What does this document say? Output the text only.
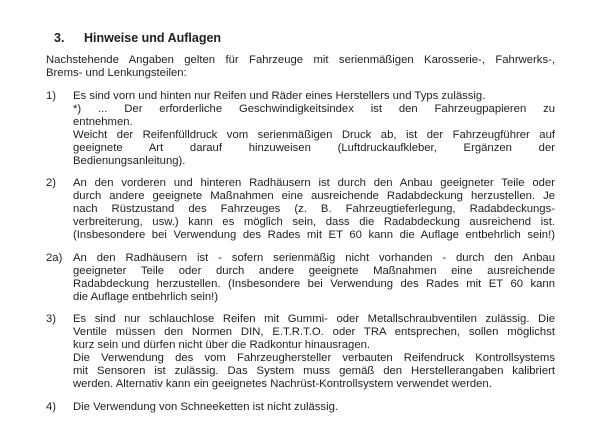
3.	Hinweise und Auflagen
Nachstehende Angaben gelten für Fahrzeuge mit serienmäßigen Karosserie-, Fahrwerks-,
Brems- und Lenkungsteilen:
1)	Es sind vorn und hinten nur Reifen und Räder eines Herstellers und Typs zulässig.
*) ... Der erforderliche Geschwindigkeitsindex ist den Fahrzeugpapieren zu
entnehmen.
Weicht der Reifenfülldruck vom serienmäßigen Druck ab, ist der Fahrzeugführer auf
geeignete Art darauf hinzuweisen (Luftdruckaufkleber, Ergänzen der
Bedienungsanleitung).
2)	An den vorderen und hinteren Radhäusern ist durch den Anbau geeigneter Teile oder
durch andere geeignete Maßnahmen eine ausreichende Radabdeckung herzustellen. Je
nach Rüstzustand des Fahrzeuges (z. B. Fahrzeugtieferlegung, Radabdeckungs-
verbreiterung, usw.) kann es möglich sein, dass die Radabdeckung ausreichend ist.
(Insbesondere bei Verwendung des Rades mit ET 60 kann die Auflage entbehrlich sein!)
2a) An den Radhäusern ist - sofern serienmäßig nicht vorhanden - durch den Anbau
geeigneter Teile oder durch andere geeignete Maßnahmen eine ausreichende
Radabdeckung herzustellen. (Insbesondere bei Verwendung des Rades mit ET 60 kann
die Auflage entbehrlich sein!)
3)	Es sind nur schlauchlose Reifen mit Gummi- oder Metallschraubventilen zulässig. Die
Ventile müssen den Normen DIN, E.T.R.T.O. oder TRA entsprechen, sollen möglichst
kurz sein und dürfen nicht über die Radkontur hinausragen.
Die Verwendung des vom Fahrzeughersteller verbauten Reifendruck Kontrollsystems
mit Sensoren ist zulässig. Das System muss gemäß den Herstellerangaben kalibriert
werden. Alternativ kann ein geeignetes Nachrüst-Kontrollsystem verwendet werden.
4)	Die Verwendung von Schneeketten ist nicht zulässig.
